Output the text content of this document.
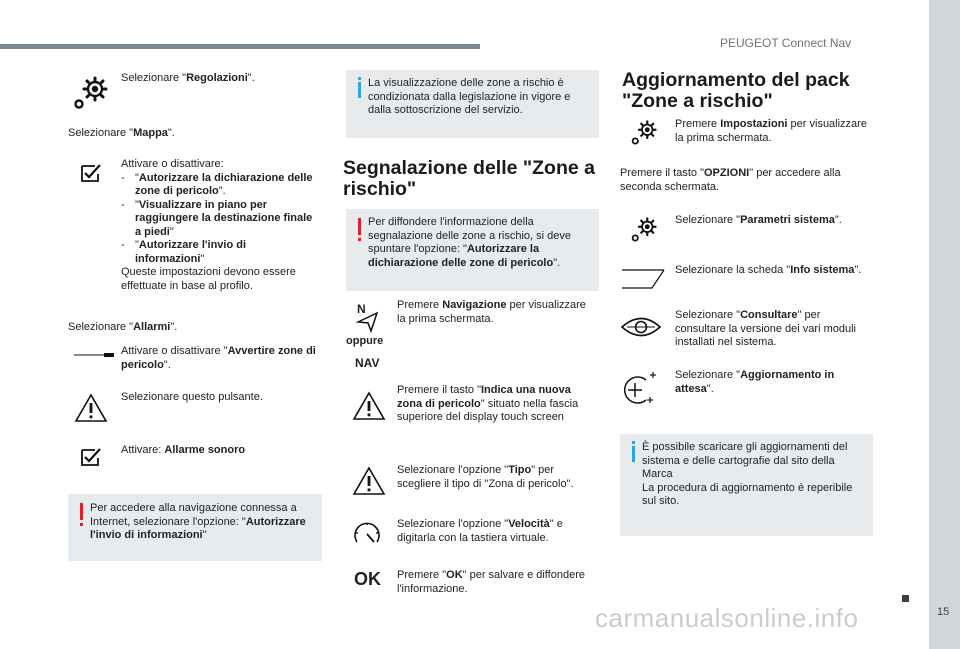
PEUGEOT Connect Nav
15
carmanualsonline.info
Selezionare "Regolazioni".
Selezionare "Mappa".
Attivare o disattivare:
- "Autorizzare la dichiarazione delle zone di pericolo".
- "Visualizzare in piano per raggiungere la destinazione finale a piedi"
- "Autorizzare l'invio di informazioni"
Queste impostazioni devono essere effettuate in base al profilo.
Selezionare "Allarmi".
Attivare o disattivare "Avvertire zone di pericolo".
Selezionare questo pulsante.
Attivare: Allarme sonoro
Per accedere alla navigazione connessa a Internet, selezionare l'opzione: "Autorizzare l'invio di informazioni"
La visualizzazione delle zone a rischio è condizionata dalla legislazione in vigore e dalla sottoscrizione del servizio.
Segnalazione delle "Zone a rischio"
Per diffondere l'informazione della segnalazione delle zone a rischio, si deve spuntare l'opzione: "Autorizzare la dichiarazione delle zone di pericolo".
N
oppure
NAV
Premere Navigazione per visualizzare la prima schermata.
Premere il tasto "Indica una nuova zona di pericolo" situato nella fascia superiore del display touch screen
Selezionare l'opzione "Tipo" per scegliere il tipo di "Zona di pericolo".
Selezionare l'opzione "Velocità" e digitarla con la tastiera virtuale.
OK Premere "OK" per salvare e diffondere l'informazione.
Aggiornamento del pack "Zone a rischio"
Premere Impostazioni per visualizzare la prima schermata.
Premere il tasto "OPZIONI" per accedere alla seconda schermata.
Selezionare "Parametri sistema".
Selezionare la scheda "Info sistema".
Selezionare "Consultare" per consultare la versione dei vari moduli installati nel sistema.
Selezionare "Aggiornamento in attesa".
È possibile scaricare gli aggiornamenti del sistema e delle cartografie dal sito della Marca
La procedura di aggiornamento è reperibile sul sito.
